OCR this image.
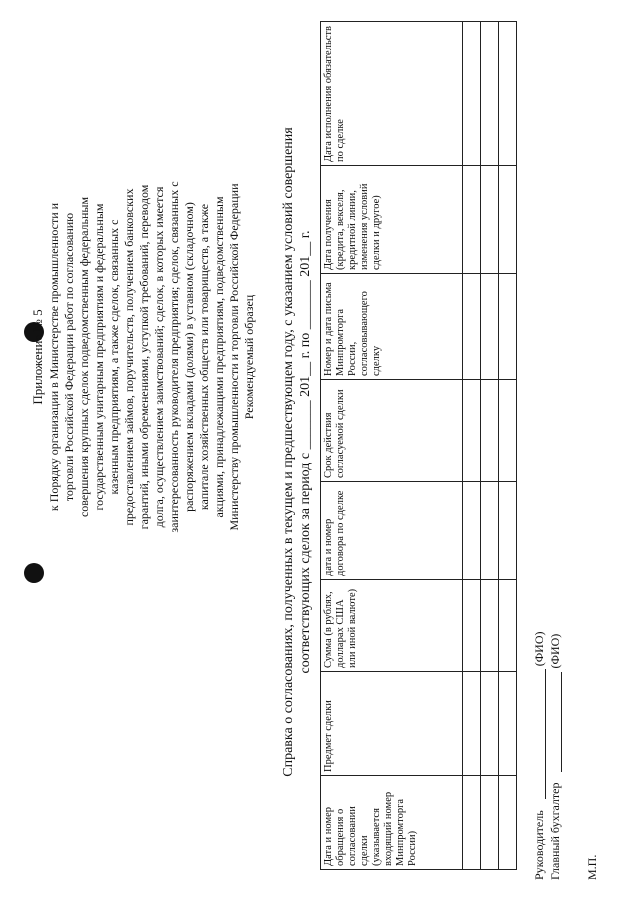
Приложение № 5 к Порядку организации в Министерстве промышленности и торговли Российской Федерации работ по согласованию совершения крупных сделок подведомственным федеральным государственным унитарным предприятиям и федеральным казенным предприятиям, а также сделок, связанных с предоставлением займов, поручительств, получением банковских гарантий, иными обременениями, уступкой требований, переводом долга, осуществлением заимствований; сделок, в которых имеется заинтересованность руководителя предприятия; сделок, связанных с распоряжением вкладами (долями) в уставном (складочном) капитале хозяйственных обществ или товариществ, а также акциями, принадлежащими предприятиям, подведомственным Министерству промышленности и торговли Российской Федерации Рекомендуемый образец Справка о согласованиях, полученных в текущем и предшествующем году, с указанием условий совершения соответствующих сделок за период с _______ 201__ г. по _______ 201__ г.
Дата и номер обращения о согласовании сделки (указывается входящий номер Минпромторга России)	Предмет сделки	Сумма (в рублях, долларах США или иной валюте)	дата и номер договора по сделке	Срок действия согласуемой сделки	Номер и дата письма Минпромторга России, согласовывающего сделку	Дата получения (кредита, векселя, кредитной линии, изменения условий сделки и другое)	Дата исполнения обязательств по сделке

Руководитель  (ФИО)
Главный бухгалтер  (ФИО)
М.П.
